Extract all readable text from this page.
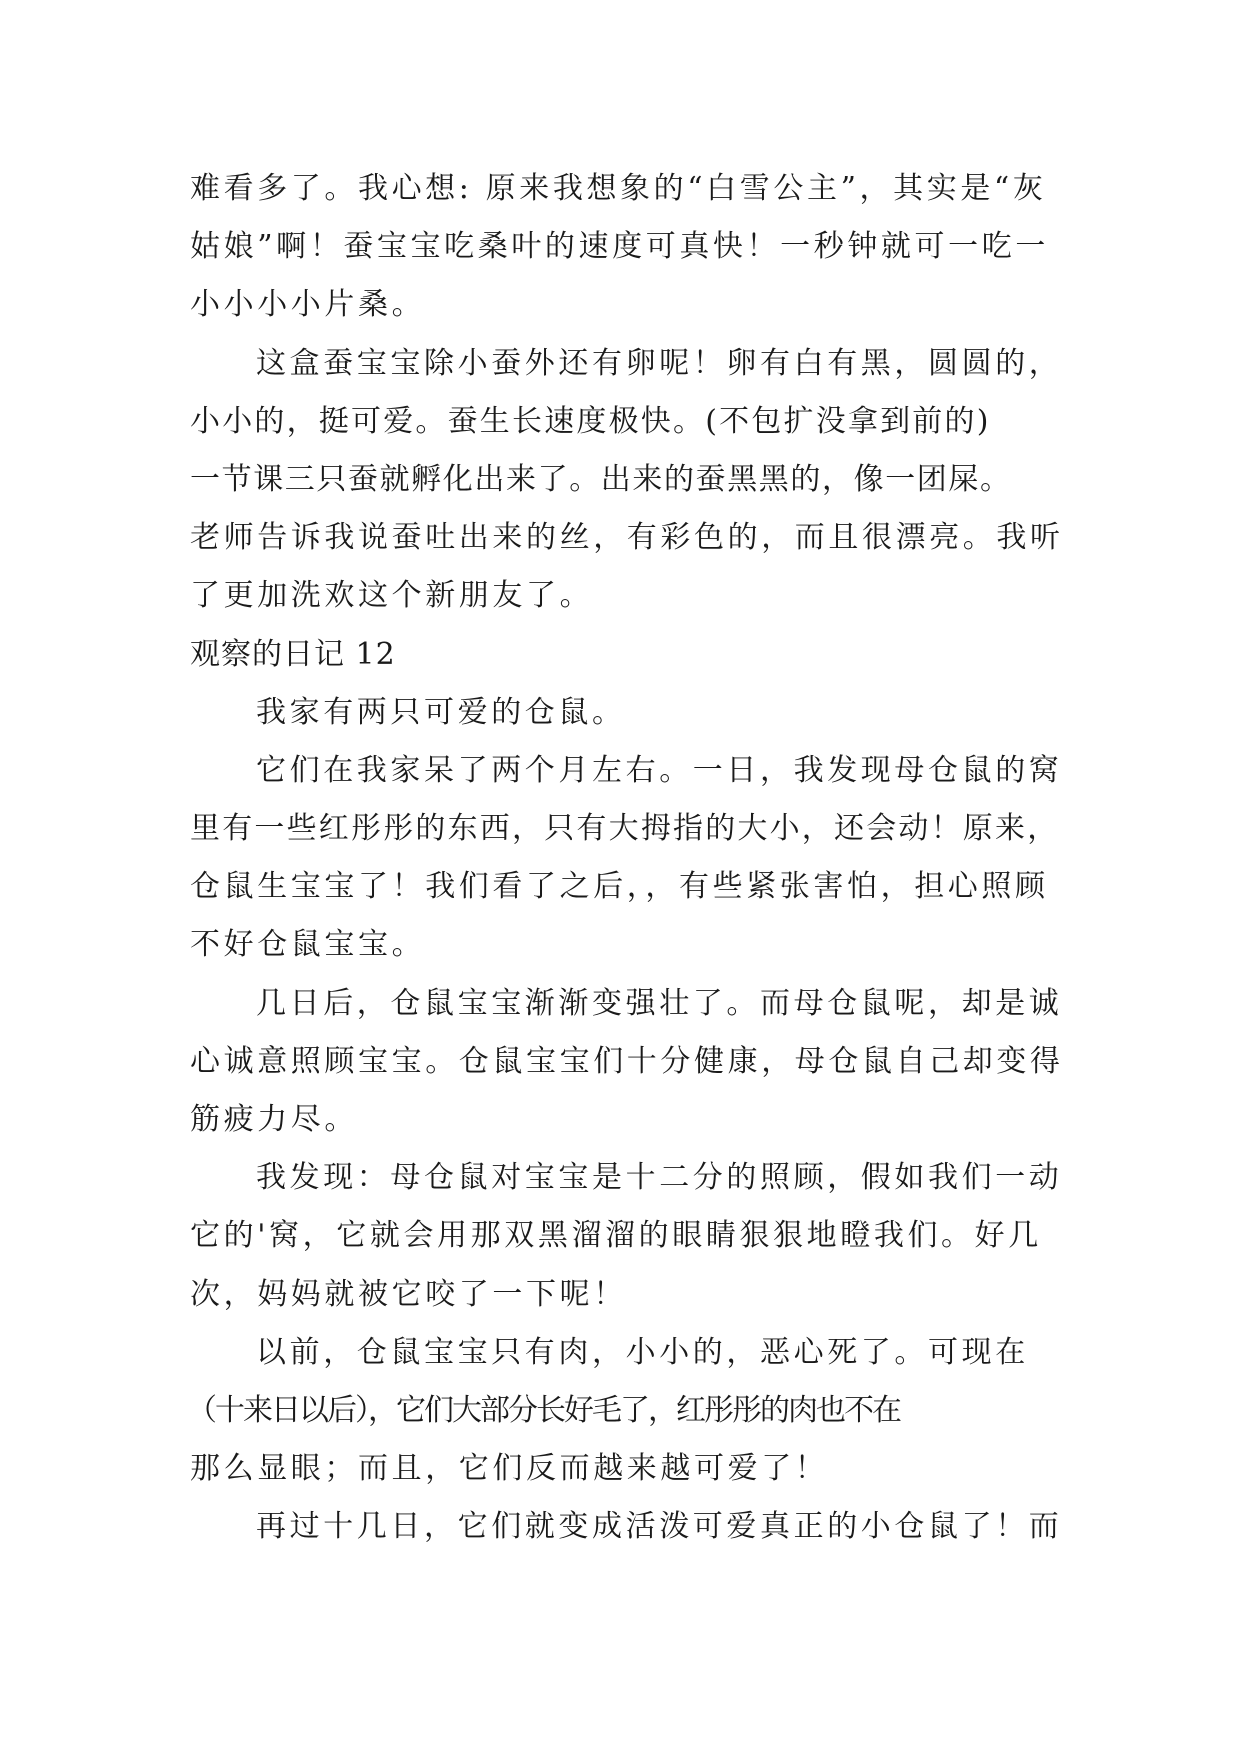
难看多了。我心想: 原来我想象的“白雪公主”，其实是“灰
姑娘”啊！蚕宝宝吃桑叶的速度可真快！一秒钟就可一吃一
小小小小片桑。
这盒蚕宝宝除小蚕外还有卵呢！卵有白有黑，圆圆的，
小小的，挺可爱。蚕生长速度极快。(不包扩没拿到前的)
一节课三只蚕就孵化出来了。出来的蚕黑黑的，像一团屎。
老师告诉我说蚕吐出来的丝，有彩色的，而且很漂亮。我听
了更加洗欢这个新朋友了。
观察的日记 12
我家有两只可爱的仓鼠。
它们在我家呆了两个月左右。一日，我发现母仓鼠的窝
里有一些红彤彤的东西，只有大拇指的大小，还会动！原来，
仓鼠生宝宝了！我们看了之后，，有些紧张害怕，担心照顾
不好仓鼠宝宝。
几日后，仓鼠宝宝渐渐变强壮了。而母仓鼠呢，却是诚
心诚意照顾宝宝。仓鼠宝宝们十分健康，母仓鼠自己却变得
筋疲力尽。
我发现：母仓鼠对宝宝是十二分的照顾，假如我们一动
它的'窝，它就会用那双黑溜溜的眼睛狠狠地瞪我们。好几
次，妈妈就被它咬了一下呢！
以前，仓鼠宝宝只有肉，小小的，恶心死了。可现在
（十来日以后），它们大部分长好毛了，红彤彤的肉也不在
那么显眼；而且，它们反而越来越可爱了！
再过十几日，它们就变成活泼可爱真正的小仓鼠了！而
